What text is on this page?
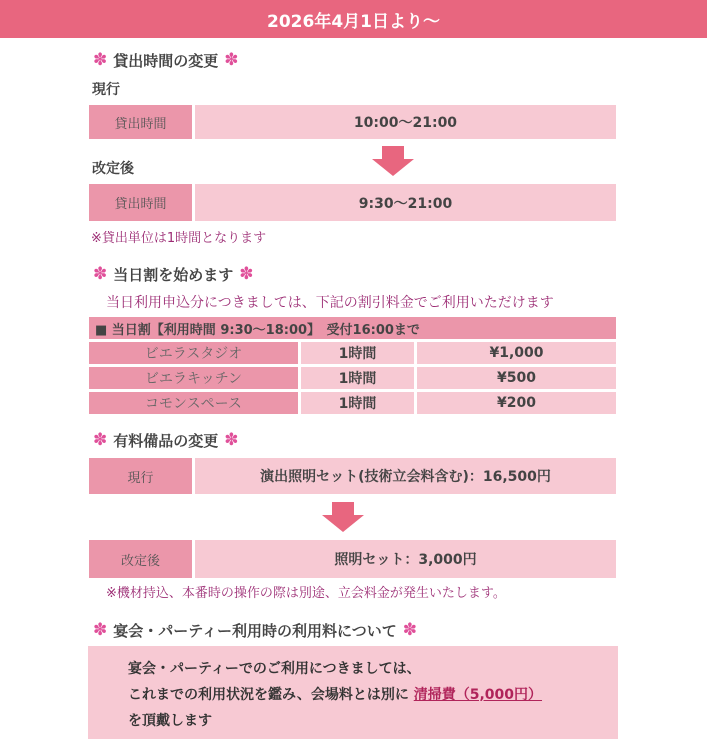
2026年4月1日より～
✽ 貸出時間の変更 ✽
現行
貸出時間	10:00～21:00
改定後
貸出時間	9:30～21:00
※貸出単位は1時間となります
✽ 当日割を始めます ✽
当日利用申込分につきましては、下記の割引料金でご利用いただけます
■ 当日割【利用時間 9:30～18:00】　受付16:00まで
ビエラスタジオ	1時間	¥1,000
ビエラキッチン	1時間	¥500
コモンスペース	1時間	¥200
✽ 有料備品の変更 ✽
現行	演出照明セット(技術立会料含む)：16,500円
改定後	照明セット：3,000円
※機材持込、本番時の操作の際は別途、立会料金が発生いたします。
✽ 宴会・パーティー利用時の利用料について ✽
宴会・パーティーでのご利用につきましては、
これまでの利用状況を鑑み、会場料とは別に 清掃費（5,000円）
を頂戴します
